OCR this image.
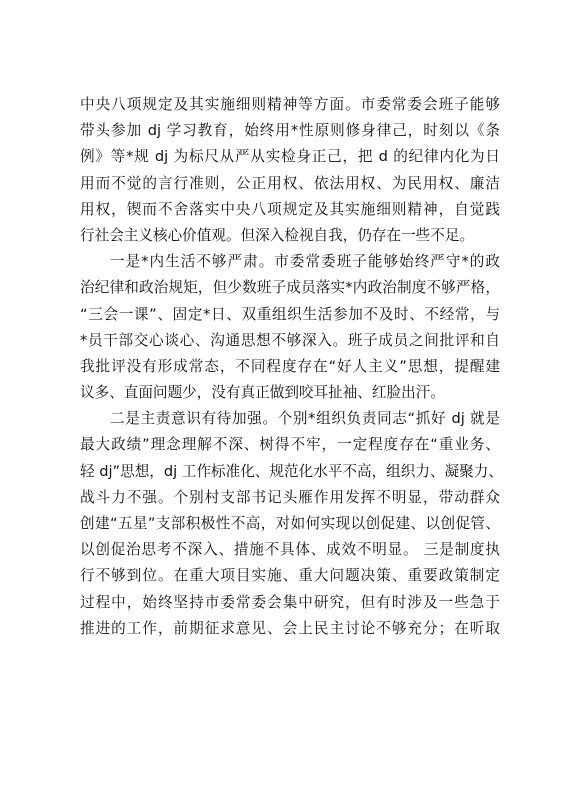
中央八项规定及其实施细则精神等方面。市委常委会班子能够
带头参加 dj 学习教育，始终用*性原则修身律己，时刻以《条
例》等*规 dj 为标尺从严从实检身正己，把 d 的纪律内化为日
用而不觉的言行准则，公正用权、依法用权、为民用权、廉洁
用权，锲而不舍落实中央八项规定及其实施细则精神，自觉践
行社会主义核心价值观。但深入检视自我，仍存在一些不足。
一是*内生活不够严肃。市委常委班子能够始终严守*的政
治纪律和政治规矩，但少数班子成员落实*内政治制度不够严格，
“三会一课”、固定*日、双重组织生活参加不及时、不经常，与
*员干部交心谈心、沟通思想不够深入。班子成员之间批评和自
我批评没有形成常态，不同程度存在“好人主义”思想，提醒建
议多、直面问题少，没有真正做到咬耳扯袖、红脸出汗。
二是主责意识有待加强。个别*组织负责同志“抓好 dj 就是
最大政绩”理念理解不深、树得不牢，一定程度存在“重业务、
轻 dj”思想，dj 工作标准化、规范化水平不高，组织力、凝聚力、
战斗力不强。个别村支部书记头雁作用发挥不明显，带动群众
创建“五星”支部积极性不高，对如何实现以创促建、以创促管、
以创促治思考不深入、措施不具体、成效不明显。 三是制度执
行不够到位。在重大项目实施、重大问题决策、重要政策制定
过程中，始终坚持市委常委会集中研究，但有时涉及一些急于
推进的工作，前期征求意见、会上民主讨论不够充分；在听取
